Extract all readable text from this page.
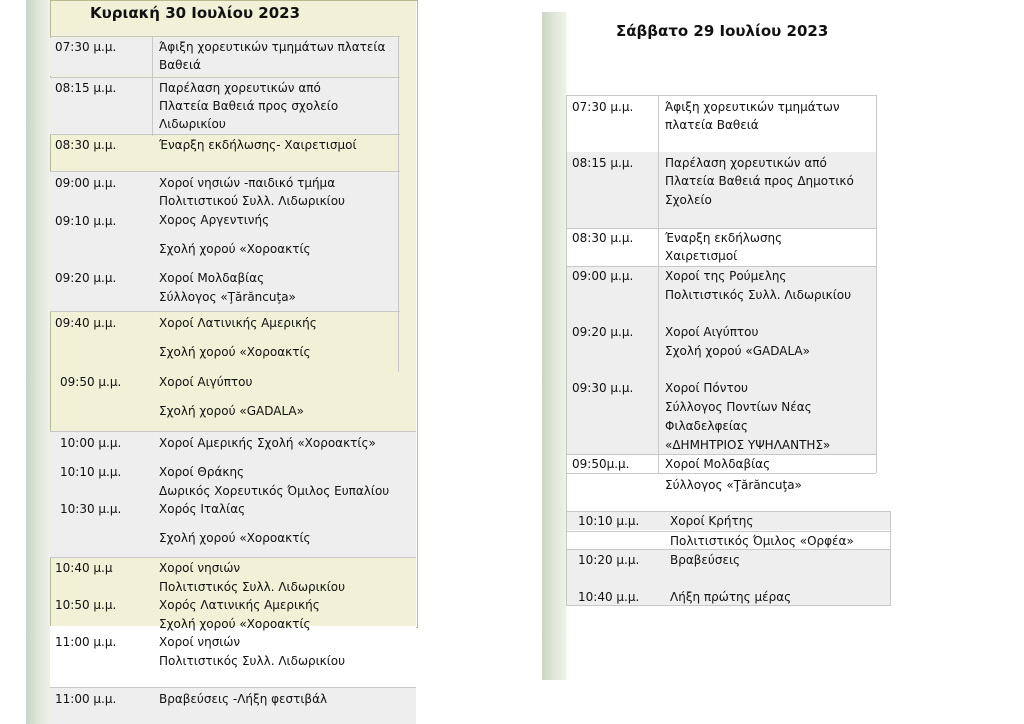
Κυριακή 30 Ιουλίου 2023
07:30 μ.μ.	Άφιξη χορευτικών τμημάτων πλατεία
Βαθειά
08:15 μ.μ.	Παρέλαση χορευτικών από
Πλατεία Βαθειά προς σχολείο
Λιδωρικίου
08:30 μ.μ.	Έναρξη εκδήλωσης- Χαιρετισμοί
09:00 μ.μ.	Χοροί νησιών -παιδικό τμήμα
Πολιτιστικού Συλλ. Λιδωρικίου
09:10 μ.μ.	Χορος Αργεντινής
Σχολή χορού «Χοροακτίς
09:20 μ.μ.	Χοροί Μολδαβίας
Σύλλογος «Ţărăncuţa»
09:40 μ.μ.	Χοροί Λατινικής Αμερικής
Σχολή χορού «Χοροακτίς
09:50 μ.μ.	Χοροί Αιγύπτου
Σχολή χορού «GADALA»
10:00 μ.μ.	Χοροί Αμερικής Σχολή «Χοροακτίς»
10:10 μ.μ.	Χοροί Θράκης
Δωρικός Χορευτικός Όμιλος Ευπαλίου
10:30 μ.μ.	Χορός Ιταλίας
Σχολή χορού «Χοροακτίς
10:40 μ.μ	Χοροί νησιών
Πολιτιστικός Συλλ. Λιδωρικίου
10:50 μ.μ.	Χορός Λατινικής Αμερικής
Σχολή χορού «Χοροακτίς
11:00 μ.μ.	Χοροί νησιών
Πολιτιστικός Συλλ. Λιδωρικίου
11:00 μ.μ.	Βραβεύσεις -Λήξη φεστιβάλ
Σάββατο 29 Ιουλίου 2023
07:30 μ.μ.	Άφιξη χορευτικών τμημάτων
πλατεία Βαθειά
08:15 μ.μ.	Παρέλαση χορευτικών από
Πλατεία Βαθειά προς Δημοτικό
Σχολείο
08:30 μ.μ.	Έναρξη εκδήλωσης
Χαιρετισμοί
09:00 μ.μ.	Χοροί της Ρούμελης
Πολιτιστικός Συλλ. Λιδωρικίου
09:20 μ.μ.	Χοροί Αιγύπτου
Σχολή χορού «GADALA»
09:30 μ.μ.	Χοροί Πόντου
Σύλλογος Ποντίων Νέας
Φιλαδελφείας
«ΔΗΜΗΤΡΙΟΣ ΥΨΗΛΑΝΤΗΣ»
09:50μ.μ.	Χοροί Μολδαβίας
Σύλλογος «Ţărăncuţa»
10:10 μ.μ.	Χοροί Κρήτης
Πολιτιστικός Όμιλος «Ορφέα»
10:20 μ.μ.	Βραβεύσεις
10:40 μ.μ.	Λήξη πρώτης μέρας
